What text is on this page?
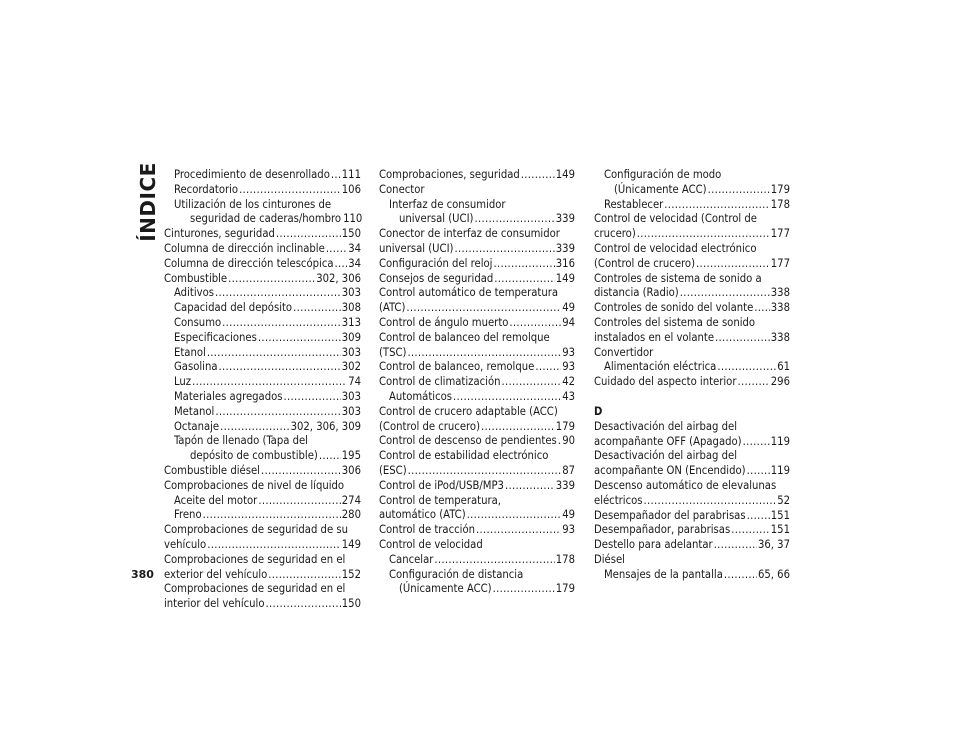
ÍNDICE Procedimiento de desenrollado ..... 111
Recordatorio .....	106
Utilización de los cinturones de
seguridad de caderas/hombro 110
Cinturones, seguridad .....	150
Columna de dirección inclinable ..... 34
Columna de dirección telescópica ..... 34
Combustible .....	302, 306
Aditivos .....	303
Capacidad del depósito .....	308
Consumo .....	313
Especificaciones .....	309
Etanol .....	303
Gasolina .....	302
Luz .....	74
Materiales agregados .....	303
Metanol .....	303
Octanaje .....	302, 306, 309
Tapón de llenado (Tapa del
depósito de combustible) ..... 195
Combustible diésel .....	306
Comprobaciones de nivel de líquido
Aceite del motor .....	274
Freno .....	280
Comprobaciones de seguridad de su
vehículo .....	149
Comprobaciones de seguridad en el
exterior del vehículo .....	152
Comprobaciones de seguridad en el
interior del vehículo .....	150
Comprobaciones, seguridad .....	149
Conector
Interfaz de consumidor
universal (UCI) .....	339
Conector de interfaz de consumidor
universal (UCI) .....	339
Configuración del reloj .....	316
Consejos de seguridad .....	149
Control automático de temperatura
(ATC) .....	49
Control de ángulo muerto .....	94
Control de balanceo del remolque
(TSC) .....	93
Control de balanceo, remolque ..... 93
Control de climatización .....	42
Automáticos .....	43
Control de crucero adaptable (ACC)
(Control de crucero) .....	179
Control de descenso de pendientes ..... 90
Control de estabilidad electrónico
(ESC) .....	87
Control de iPod/USB/MP3 .....	339
Control de temperatura,
automático (ATC) .....	49
Control de tracción .....	93
Control de velocidad
Cancelar .....	178
Configuración de distancia
(Únicamente ACC) .....	179
Configuración de modo
(Únicamente ACC) .....	179
Restablecer .....	178
Control de velocidad (Control de
crucero) .....	177
Control de velocidad electrónico
(Control de crucero) .....	177
Controles de sistema de sonido a
distancia (Radio) .....	338
Controles de sonido del volante ..... 338
Controles del sistema de sonido
instalados en el volante .....	338
Convertidor
Alimentación eléctrica .....	61
Cuidado del aspecto interior .....	296
D
Desactivación del airbag del
acompañante OFF (Apagado) .....	119
Desactivación del airbag del
acompañante ON (Encendido) ..... 119
Descenso automático de elevalunas
eléctricos .....	52
Desempañador del parabrisas ..... 151
Desempañador, parabrisas .....	151
Destello para adelantar .....	36, 37
Diésel
Mensajes de la pantalla .....	65, 66
380
